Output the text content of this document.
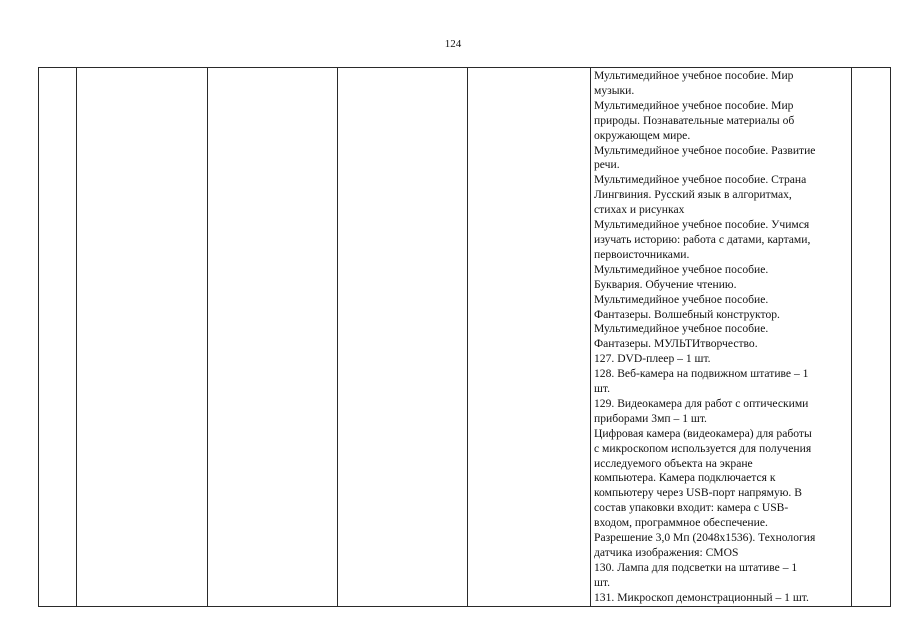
124

Мультимедийное учебное пособие. Мир
музыки.
Мультимедийное учебное пособие. Мир
природы. Познавательные материалы об
окружающем мире.
Мультимедийное учебное пособие. Развитие
речи.
Мультимедийное учебное пособие. Страна
Лингвиния. Русский язык в алгоритмах,
стихах и рисунках
Мультимедийное учебное пособие. Учимся
изучать историю: работа с датами, картами,
первоисточниками.
Мультимедийное учебное пособие.
Буквария. Обучение чтению.
Мультимедийное учебное пособие.
Фантазеры. Волшебный конструктор.
Мультимедийное учебное пособие.
Фантазеры. МУЛЬТИтворчество.
127. DVD-плеер – 1 шт.
128. Веб-камера на подвижном штативе – 1
шт.
129. Видеокамера для работ с оптическими
приборами 3мп – 1 шт.
Цифровая камера (видеокамера) для работы
с микроскопом используется для получения
исследуемого объекта на экране
компьютера. Камера подключается к
компьютеру через USB-порт напрямую. В
состав упаковки входит: камера с USB-
входом, программное обеспечение.
Разрешение 3,0 Мп (2048x1536). Технология
датчика изображения: CMOS
130. Лампа для подсветки на штативе – 1
шт.
131. Микроскоп демонстрационный – 1 шт.
